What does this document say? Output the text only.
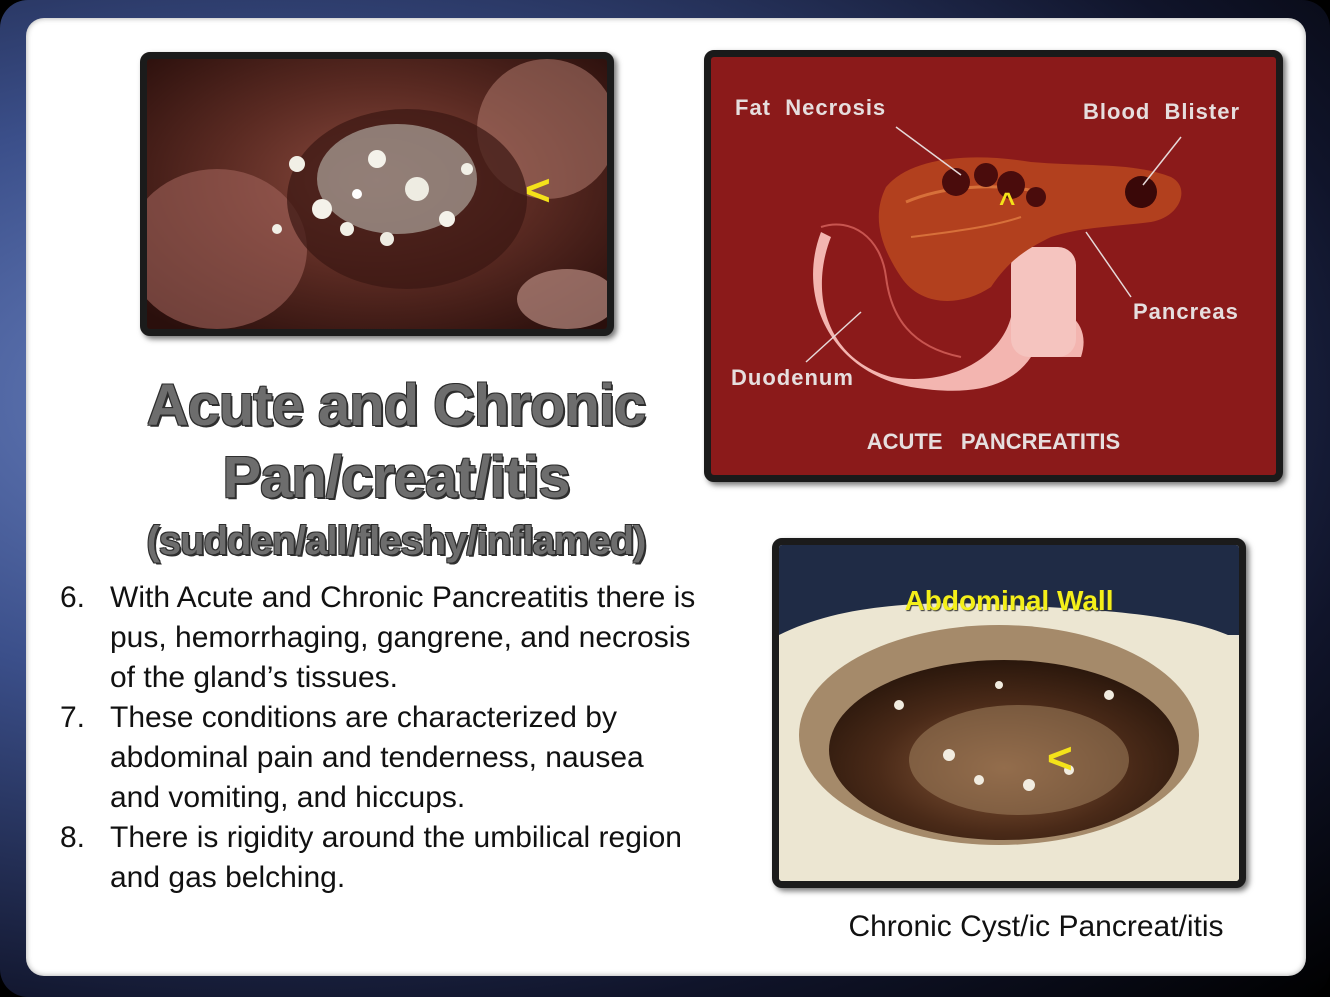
<
Fat  Necrosis	Blood  Blister
Pancreas
Duodenum
ACUTE   PANCREATITIS
^
Acute and Chronic
Pan/creat/itis
(sudden/all/fleshy/inflamed)
6. With Acute and Chronic Pancreatitis there is pus, hemorrhaging, gangrene, and necrosis of the gland’s tissues.
7. These conditions are characterized by abdominal pain and tenderness, nausea and vomiting, and hiccups.
8. There is rigidity around the umbilical region and gas belching.
Abdominal Wall
<
Chronic Cyst/ic Pancreat/itis
